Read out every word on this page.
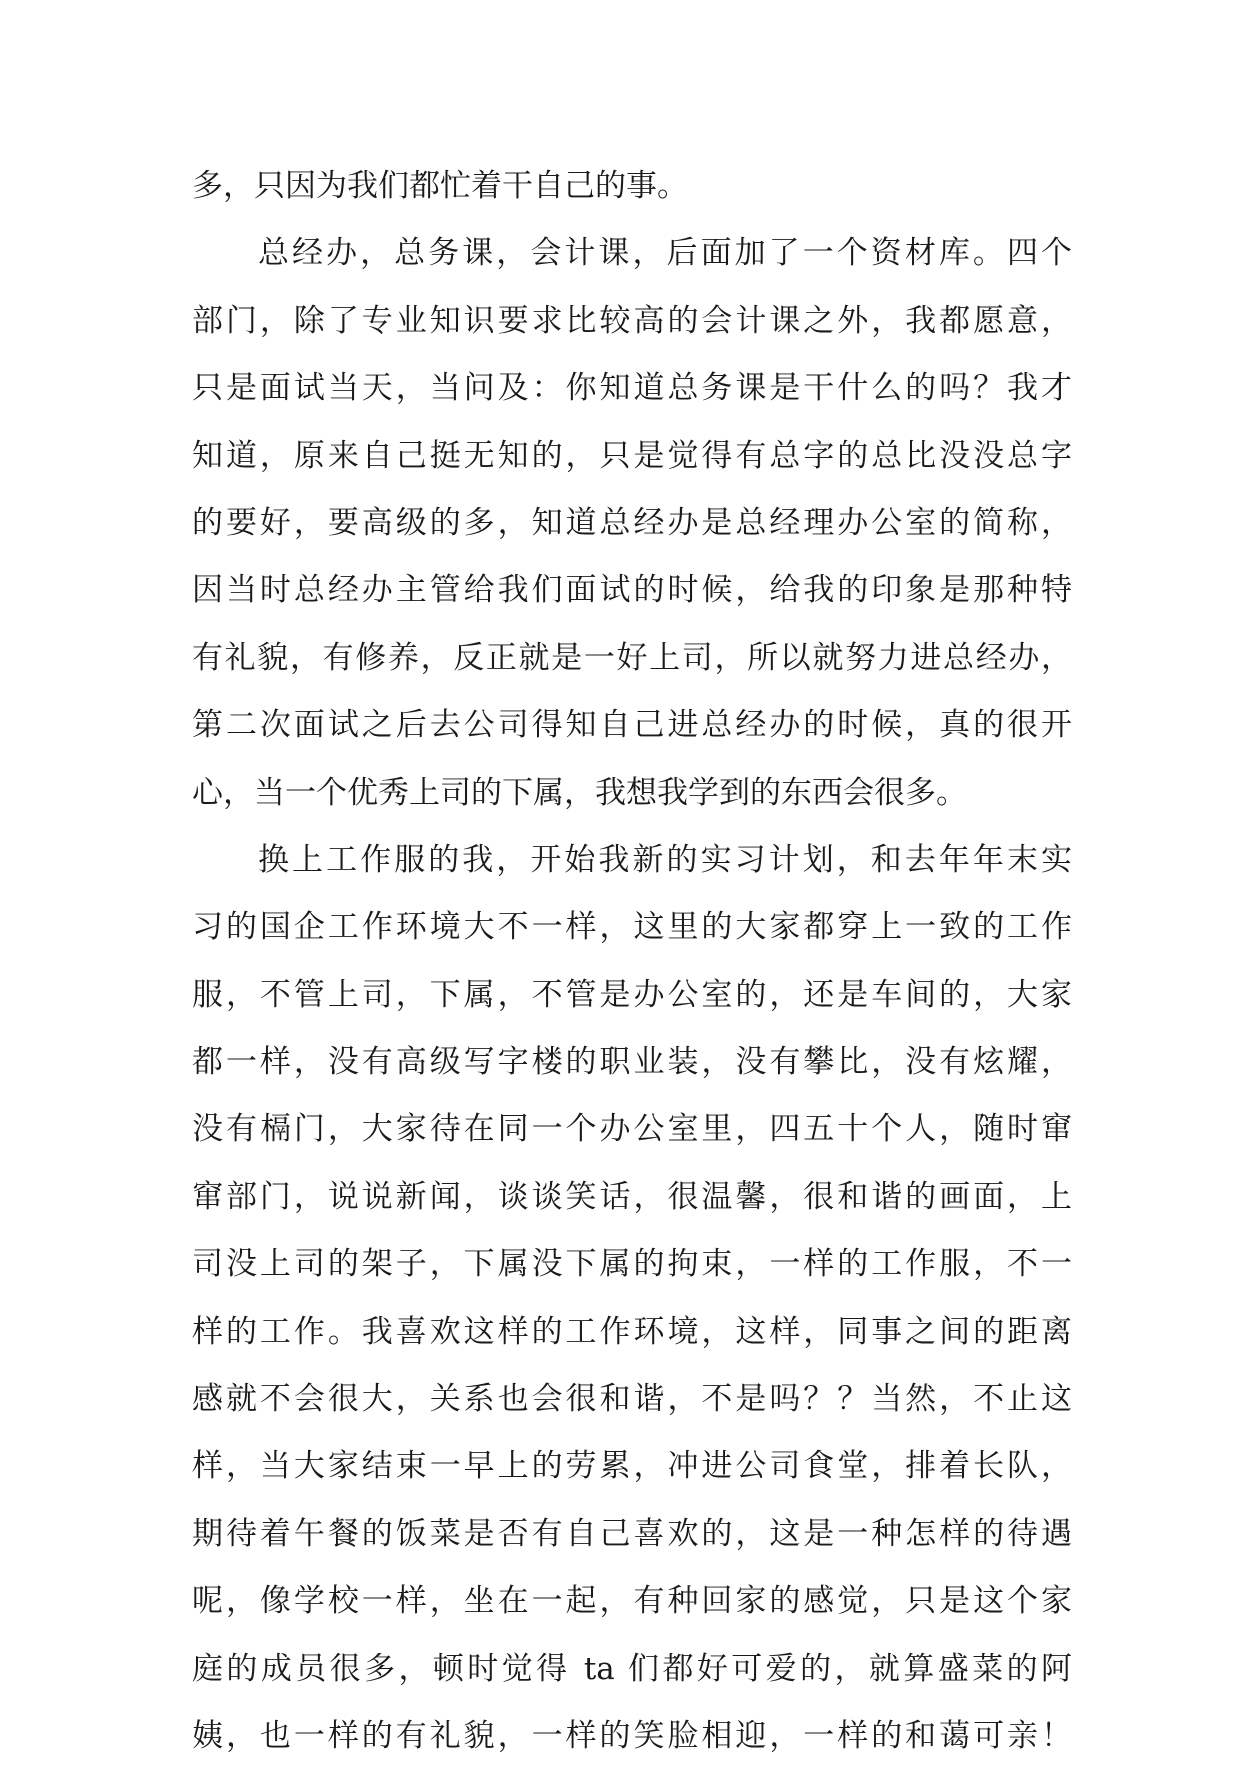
多，只因为我们都忙着干自己的事。
总经办，总务课，会计课，后面加了一个资材库。四个
部门，除了专业知识要求比较高的会计课之外，我都愿意，
只是面试当天，当问及：你知道总务课是干什么的吗？我才
知道，原来自己挺无知的，只是觉得有总字的总比没没总字
的要好，要高级的多，知道总经办是总经理办公室的简称，
因当时总经办主管给我们面试的时候，给我的印象是那种特
有礼貌，有修养，反正就是一好上司，所以就努力进总经办，
第二次面试之后去公司得知自己进总经办的时候，真的很开
心，当一个优秀上司的下属，我想我学到的东西会很多。
换上工作服的我，开始我新的实习计划，和去年年末实
习的国企工作环境大不一样，这里的大家都穿上一致的工作
服，不管上司，下属，不管是办公室的，还是车间的，大家
都一样，没有高级写字楼的职业装，没有攀比，没有炫耀，
没有槅门，大家待在同一个办公室里，四五十个人，随时窜
窜部门，说说新闻，谈谈笑话，很温馨，很和谐的画面，上
司没上司的架子，下属没下属的拘束，一样的工作服，不一
样的工作。我喜欢这样的工作环境，这样，同事之间的距离
感就不会很大，关系也会很和谐，不是吗？？当然，不止这
样，当大家结束一早上的劳累，冲进公司食堂，排着长队，
期待着午餐的饭菜是否有自己喜欢的，这是一种怎样的待遇
呢，像学校一样，坐在一起，有种回家的感觉，只是这个家
庭的成员很多，顿时觉得 ta 们都好可爱的，就算盛菜的阿
姨，也一样的有礼貌，一样的笑脸相迎，一样的和蔼可亲！
